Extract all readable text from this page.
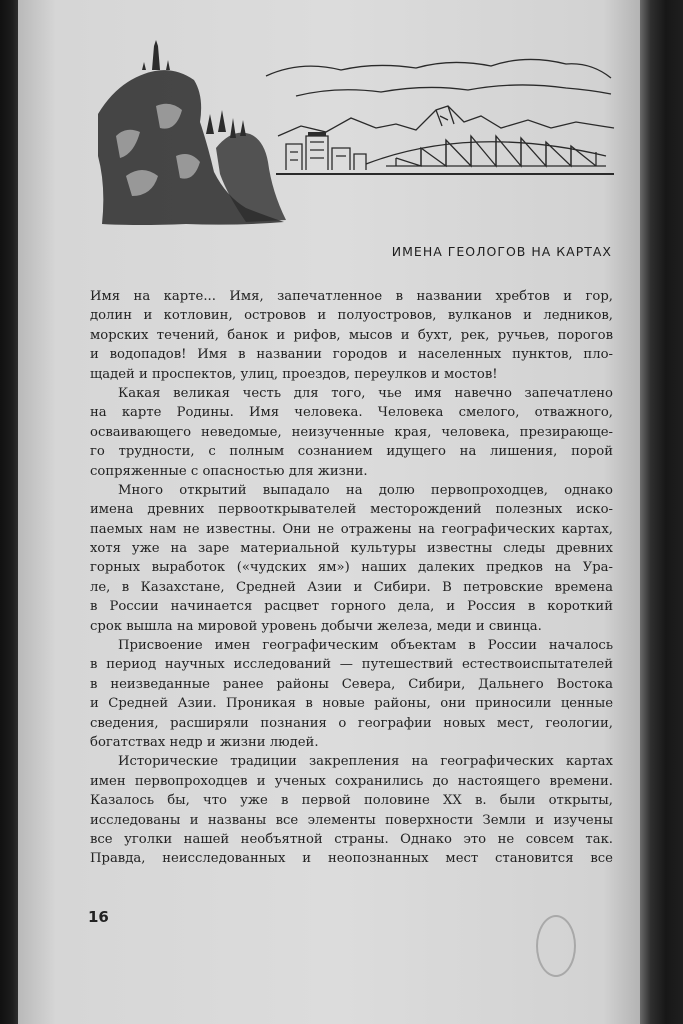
ИМЕНА ГЕОЛОГОВ НА КАРТАХ
Имя на карте... Имя, запечатленное в названии хребтов и гор,
долин и котловин, островов и полуостровов, вулканов и ледников,
морских течений, банок и рифов, мысов и бухт, рек, ручьев, порогов
и водопадов! Имя в названии городов и населенных пунктов, пло-
щадей и проспектов, улиц, проездов, переулков и мостов!
Какая великая честь для того, чье имя навечно запечатлено
на карте Родины. Имя человека. Человека смелого, отважного,
осваивающего неведомые, неизученные края, человека, презирающе-
го трудности, с полным сознанием идущего на лишения, порой
сопряженные с опасностью для жизни.
Много открытий выпадало на долю первопроходцев, однако
имена древних первооткрывателей месторождений полезных иско-
паемых нам не известны. Они не отражены на географических картах,
хотя уже на заре материальной культуры известны следы древних
горных выработок («чудских ям») наших далеких предков на Ура-
ле, в Казахстане, Средней Азии и Сибири. В петровские времена
в России начинается расцвет горного дела, и Россия в короткий
срок вышла на мировой уровень добычи железа, меди и свинца.
Присвоение имен географическим объектам в России началось
в период научных исследований — путешествий естествоиспытателей
в неизведанные ранее районы Севера, Сибири, Дальнего Востока
и Средней Азии. Проникая в новые районы, они приносили ценные
сведения, расширяли познания о географии новых мест, геологии,
богатствах недр и жизни людей.
Исторические традиции закрепления на географических картах
имен первопроходцев и ученых сохранились до настоящего времени.
Казалось бы, что уже в первой половине XX в. были открыты,
исследованы и названы все элементы поверхности Земли и изучены
все уголки нашей необъятной страны. Однако это не совсем так.
Правда, неисследованных и неопознанных мест становится все
16
